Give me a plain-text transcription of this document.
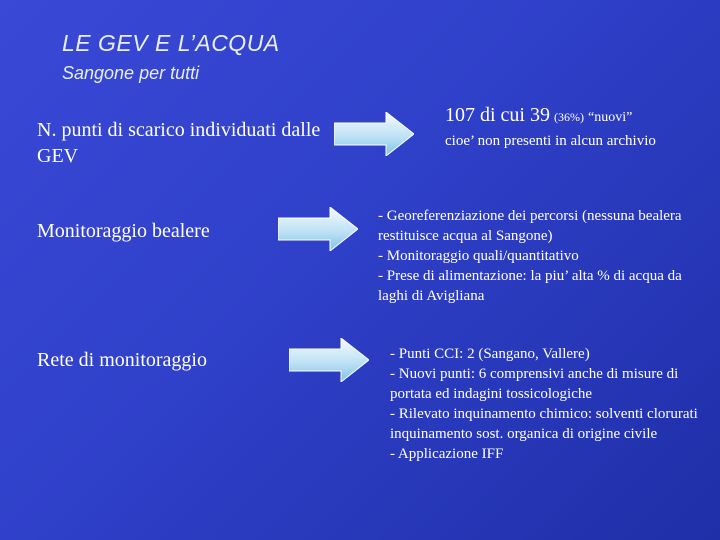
LE GEV E L’ACQUA
Sangone per tutti
N. punti di scarico individuati dalle GEV
107 di cui 39 (36%) “nuovi”
cioe’ non presenti in alcun archivio
Monitoraggio bealere
- Georeferenziazione dei percorsi (nessuna bealera restituisce acqua al Sangone)
- Monitoraggio quali/quantitativo
- Prese di alimentazione: la piu’ alta % di acqua da laghi di Avigliana
Rete di monitoraggio	- Punti CCI: 2 (Sangano, Vallere)
- Nuovi punti: 6 comprensivi anche di misure di portata ed indagini tossicologiche
- Rilevato inquinamento chimico: solventi clorurati
inquinamento sost. organica di origine civile
- Applicazione IFF
